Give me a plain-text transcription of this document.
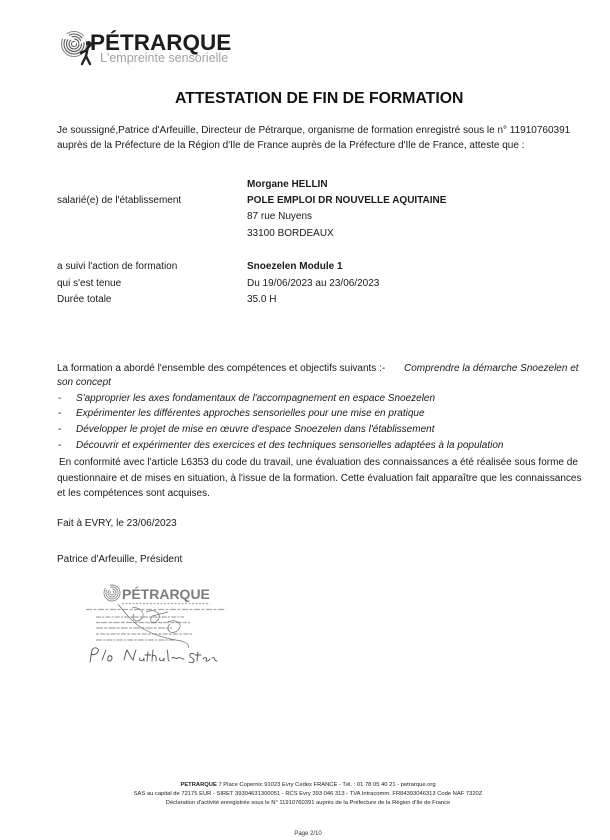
PÉTRARQUE
L'empreinte sensorielle
ATTESTATION DE FIN DE FORMATION
Je soussigné,Patrice d'Arfeuille, Directeur de Pétrarque, organisme de formation enregistré sous le n° 11910760391
auprès de la Préfecture de la Région d'Ile de France auprès de la Préfecture d'Ile de France, atteste que :
Morgane HELLIN
salarié(e) de l'établissement	POLE EMPLOI DR NOUVELLE AQUITAINE
87 rue Nuyens
33100 BORDEAUX
a suivi l'action de formation	Snoezelen Module 1
qui s'est tenue	Du 19/06/2023 au 23/06/2023
Durée totale	35.0 H
La formation a abordé l'ensemble des compétences et objectifs suivants :- Comprendre la démarche Snoezelen et
son concept
- S'approprier les axes fondamentaux de l'accompagnement en espace Snoezelen
- Expérimenter les différentes approches sensorielles pour une mise en pratique
- Développer le projet de mise en œuvre d'espace Snoezelen dans l'établissement
- Découvrir et expérimenter des exercices et des techniques sensorielles adaptées à la population
En conformité avec l'article L6353 du code du travail, une évaluation des connaissances a été réalisée sous forme de
questionnaire et de mises en situation, à l'issue de la formation. Cette évaluation fait apparaître que les connaissances
et les compétences sont acquises.
Fait à EVRY, le 23/06/2023
Patrice d'Arfeuille, Président
PÉTRARQUE
PETRARQUE 7 Place Copernic 91023 Evry Cedex FRANCE - Tél. : 01 78 05 40 21 - petrarque.org
SAS au capital de 72175 EUR - SIRET 39304631300051 - RCS Evry 393 046 313 - TVA Intracomm. FR84393046313 Code NAF 7320Z
Déclaration d'activité enregistrée sous le N° 11910760391 auprès de la Préfecture de la Région d'Ile de France
Page 2/10
